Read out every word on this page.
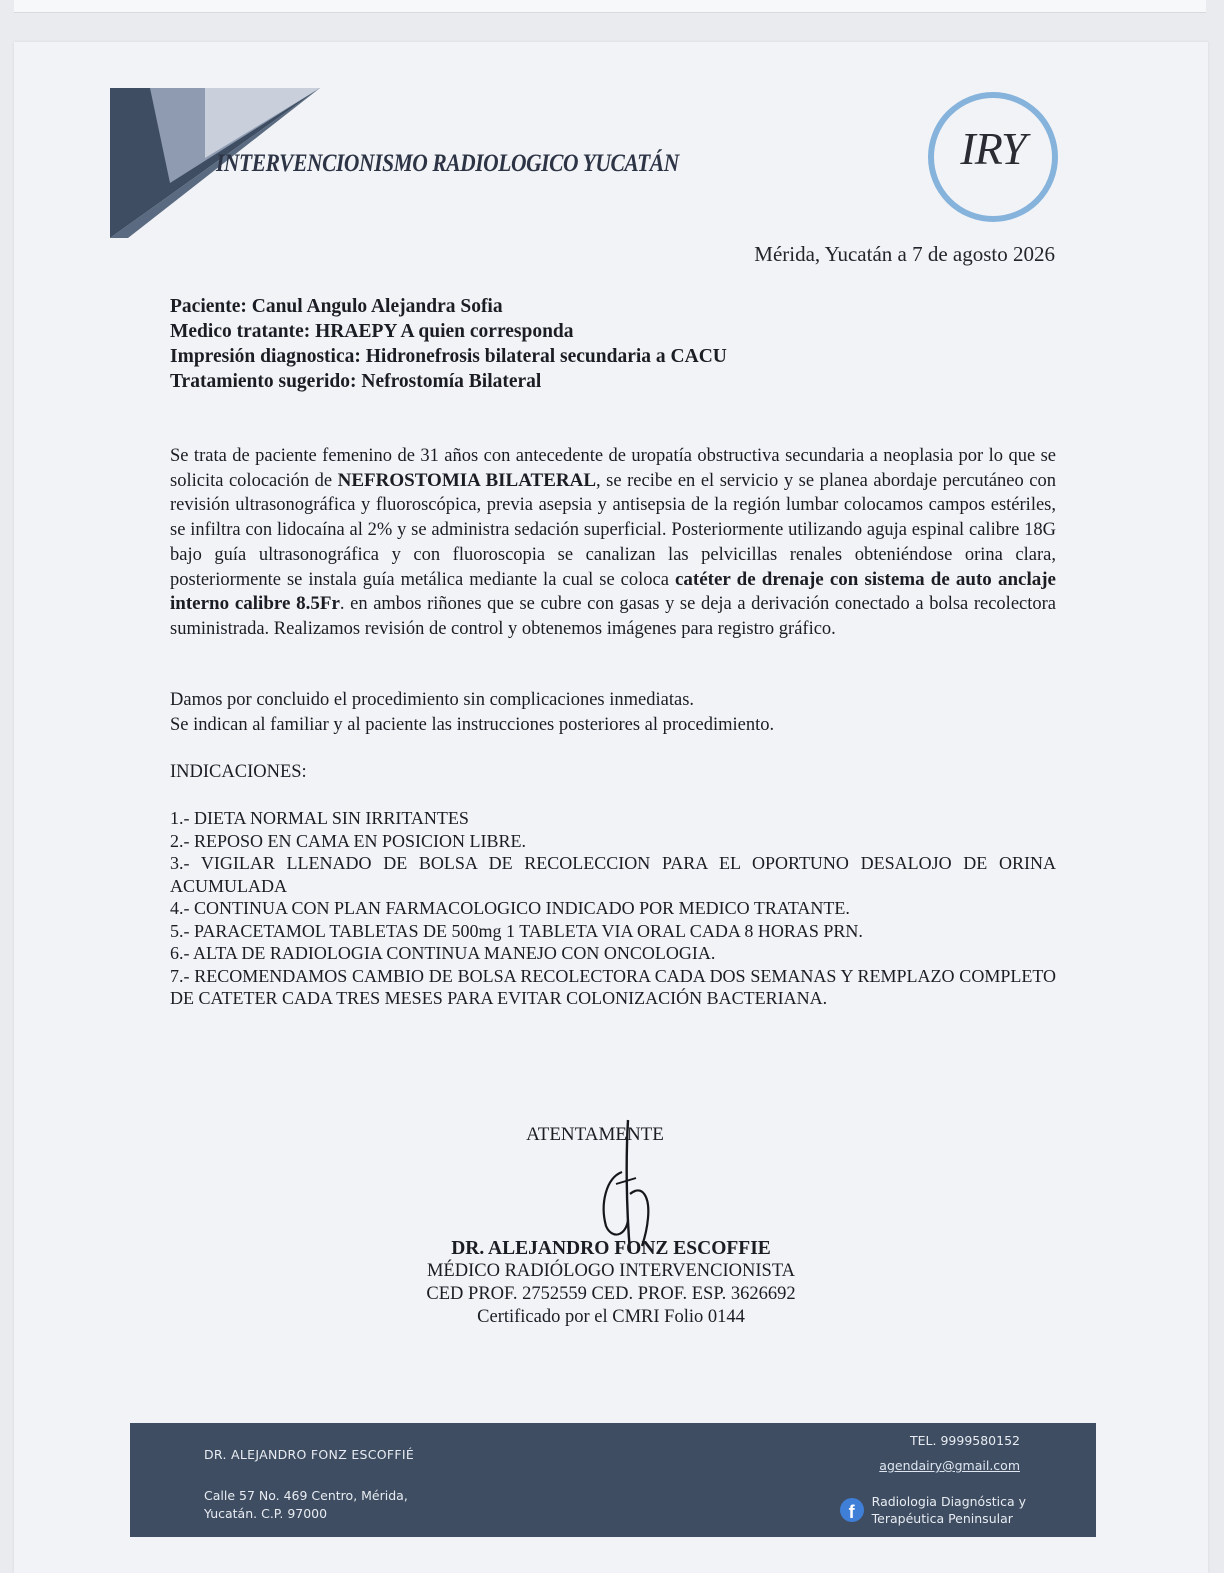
INTERVENCIONISMO RADIOLOGICO YUCATÁN	IRY
Mérida, Yucatán a 7 de agosto 2026
Paciente: Canul Angulo Alejandra Sofia
Medico tratante: HRAEPY A quien corresponda
Impresión diagnostica: Hidronefrosis bilateral secundaria a CACU
Tratamiento sugerido: Nefrostomía Bilateral
Se trata de paciente femenino de 31 años con antecedente de uropatía obstructiva secundaria a neoplasia por lo que se solicita colocación de NEFROSTOMIA BILATERAL, se recibe en el servicio y se planea abordaje percutáneo con revisión ultrasonográfica y fluoroscópica, previa asepsia y antisepsia de la región lumbar colocamos campos estériles, se infiltra con lidocaína al 2% y se administra sedación superficial. Posteriormente utilizando aguja espinal calibre 18G bajo guía ultrasonográfica y con fluoroscopia se canalizan las pelvicillas renales obteniéndose orina clara, posteriormente se instala guía metálica mediante la cual se coloca catéter de drenaje con sistema de auto anclaje interno calibre 8.5Fr. en ambos riñones que se cubre con gasas y se deja a derivación conectado a bolsa recolectora suministrada. Realizamos revisión de control y obtenemos imágenes para registro gráfico.
Damos por concluido el procedimiento sin complicaciones inmediatas.
Se indican al familiar y al paciente las instrucciones posteriores al procedimiento.
INDICACIONES:
1.- DIETA NORMAL SIN IRRITANTES
2.- REPOSO EN CAMA EN POSICION LIBRE.
3.- VIGILAR LLENADO DE BOLSA DE RECOLECCION PARA EL OPORTUNO DESALOJO DE ORINA ACUMULADA
4.- CONTINUA CON PLAN FARMACOLOGICO INDICADO POR MEDICO TRATANTE.
5.- PARACETAMOL TABLETAS DE 500mg 1 TABLETA VIA ORAL CADA 8 HORAS PRN.
6.- ALTA DE RADIOLOGIA CONTINUA MANEJO CON ONCOLOGIA.
7.- RECOMENDAMOS CAMBIO DE BOLSA RECOLECTORA CADA DOS SEMANAS Y REMPLAZO COMPLETO DE CATETER CADA TRES MESES PARA EVITAR COLONIZACIÓN BACTERIANA.
ATENTAMENTE
DR. ALEJANDRO FONZ ESCOFFIE
MÉDICO RADIÓLOGO INTERVENCIONISTA
CED PROF. 2752559 CED. PROF. ESP. 3626692
Certificado por el CMRI Folio 0144
DR. ALEJANDRO FONZ ESCOFFIÉ
Calle 57 No. 469 Centro, Mérida,
Yucatán. C.P. 97000
TEL. 9999580152
agendairy@gmail.com
f
Radiologia Diagnóstica y
Terapéutica Peninsular
